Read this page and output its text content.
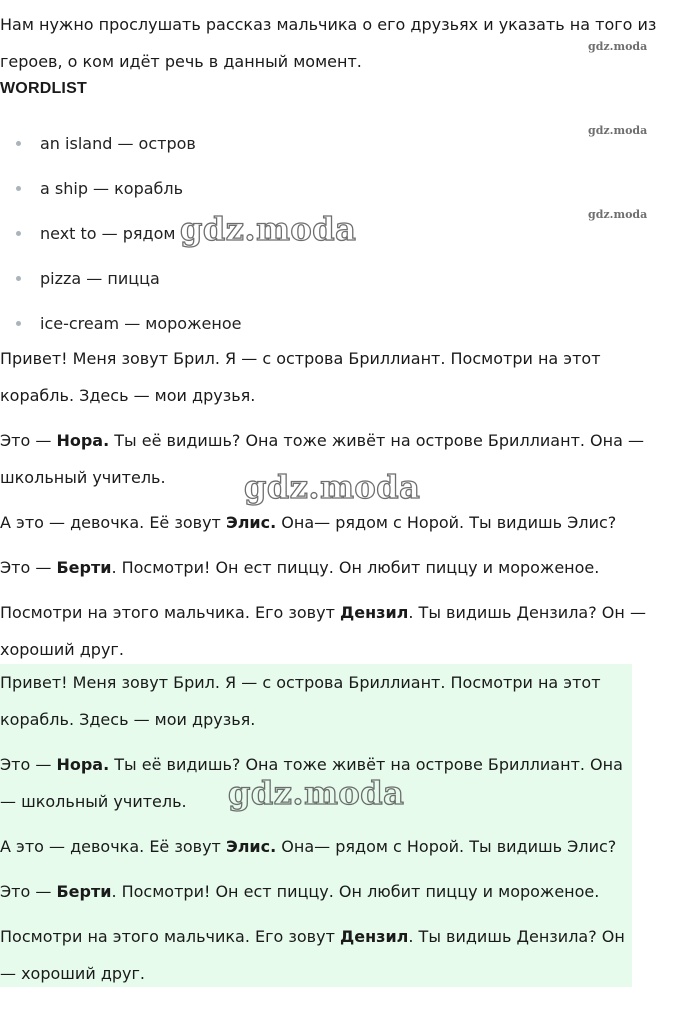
Нам нужно прослушать рассказ мальчика о его друзьях и указать на того из героев, о ком идёт речь в данный момент.

WORDLIST
an island — остров
a ship — корабль
next to — рядом
pizza — пицца
ice-cream — мороженое

Привет! Меня зовут Брил. Я — с острова Бриллиант. Посмотри на этот корабль. Здесь — мои друзья.

Это — Нора. Ты её видишь? Она тоже живёт на острове Бриллиант. Она — школьный учитель.

А это — девочка. Её зовут Элис. Она— рядом с Норой. Ты видишь Элис?

Это — Берти. Посмотри! Он ест пиццу. Он любит пиццу и мороженое.

Посмотри на этого мальчика. Его зовут Дензил. Ты видишь Дензила? Он — хороший друг.

Привет! Меня зовут Брил. Я — с острова Бриллиант. Посмотри на этот корабль. Здесь — мои друзья.

Это — Нора. Ты её видишь? Она тоже живёт на острове Бриллиант. Она — школьный учитель.

А это — девочка. Её зовут Элис. Она— рядом с Норой. Ты видишь Элис?

Это — Берти. Посмотри! Он ест пиццу. Он любит пиццу и мороженое.

Посмотри на этого мальчика. Его зовут Дензил. Ты видишь Дензила? Он — хороший друг.

gdz.moda
gdz.moda
gdz.moda
gdz.moda
gdz.moda
gdz.moda
